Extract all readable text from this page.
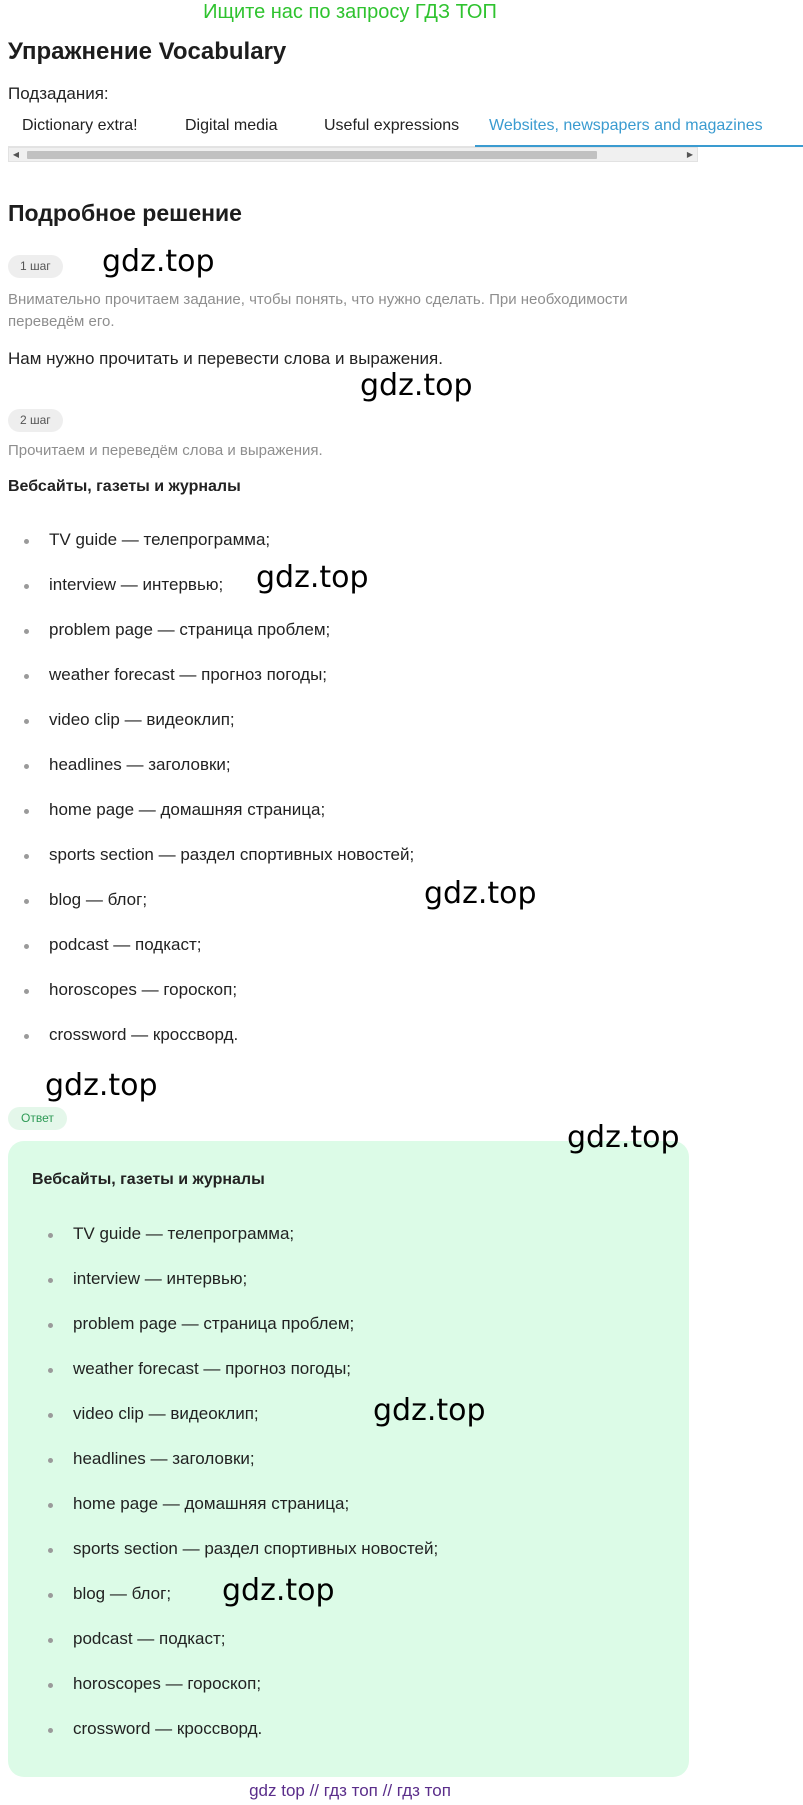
Ищите нас по запросу ГДЗ ТОП
Упражнение Vocabulary
Подзадания:
Dictionary extra!	Digital media	Useful expressions	Websites, newspapers and magazines
◀	▶
Подробное решение
1 шаг
Внимательно прочитаем задание, чтобы понять, что нужно сделать. При необходимости переведём его.
Нам нужно прочитать и перевести слова и выражения.
2 шаг
Прочитаем и переведём слова и выражения.
Вебсайты, газеты и журналы
TV guide — телепрограмма;
interview — интервью;
problem page — страница проблем;
weather forecast — прогноз погоды;
video clip — видеоклип;
headlines — заголовки;
home page — домашняя страница;
sports section — раздел спортивных новостей;
blog — блог;
podcast — подкаст;
horoscopes — гороскоп;
crossword — кроссворд.
Ответ
Вебсайты, газеты и журналы
TV guide — телепрограмма;
interview — интервью;
problem page — страница проблем;
weather forecast — прогноз погоды;
video clip — видеоклип;
headlines — заголовки;
home page — домашняя страница;
sports section — раздел спортивных новостей;
blog — блог;
podcast — подкаст;
horoscopes — гороскоп;
crossword — кроссворд.
gdz.top
gdz.top
gdz.top
gdz.top
gdz.top
gdz.top
gdz.top
gdz.top
gdz top // гдз топ // гдз топ
